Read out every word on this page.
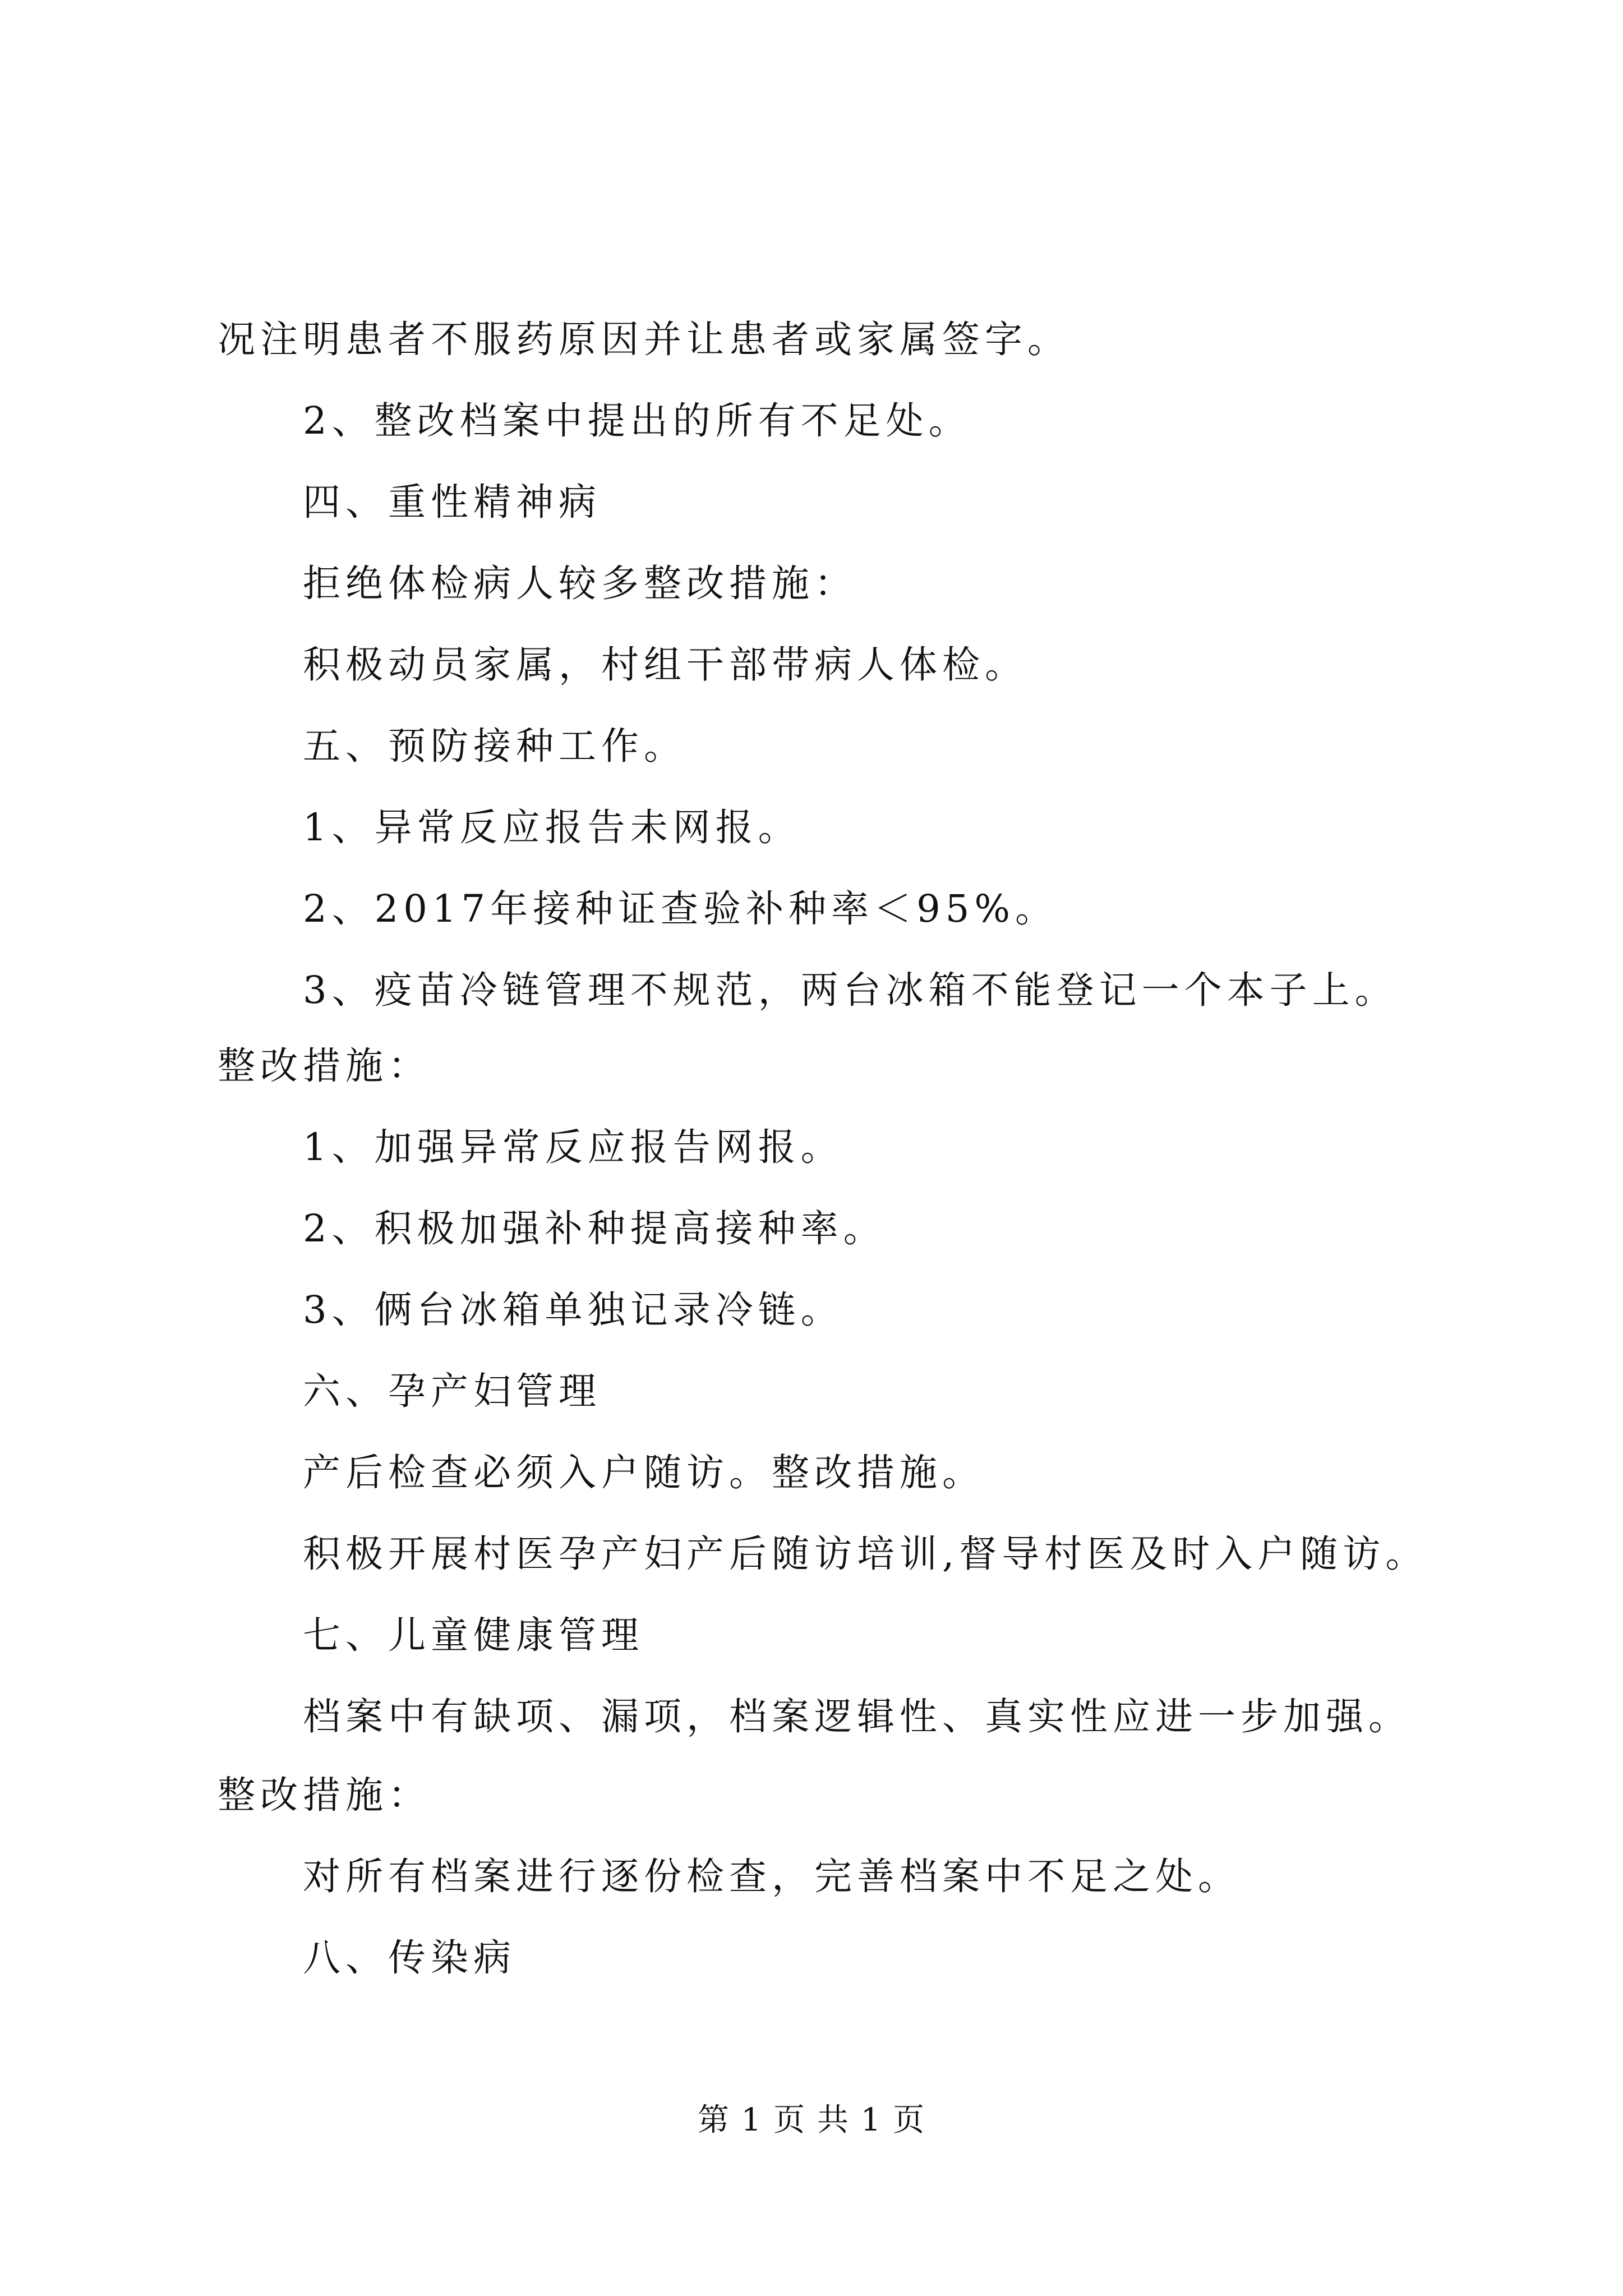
况注明患者不服药原因并让患者或家属签字。
2、整改档案中提出的所有不足处。
四、重性精神病
拒绝体检病人较多整改措施：
积极动员家属，村组干部带病人体检。
五、预防接种工作。
1、异常反应报告未网报。
2、2017年接种证查验补种率＜95%。
3、疫苗冷链管理不规范，两台冰箱不能登记一个本子上。
整改措施：
1、加强异常反应报告网报。
2、积极加强补种提高接种率。
3、俩台冰箱单独记录冷链。
六、孕产妇管理
产后检查必须入户随访。整改措施。
积极开展村医孕产妇产后随访培训,督导村医及时入户随访。
七、儿童健康管理
档案中有缺项、漏项，档案逻辑性、真实性应进一步加强。
整改措施：
对所有档案进行逐份检查，完善档案中不足之处。
八、传染病
第 1 页 共 1 页
